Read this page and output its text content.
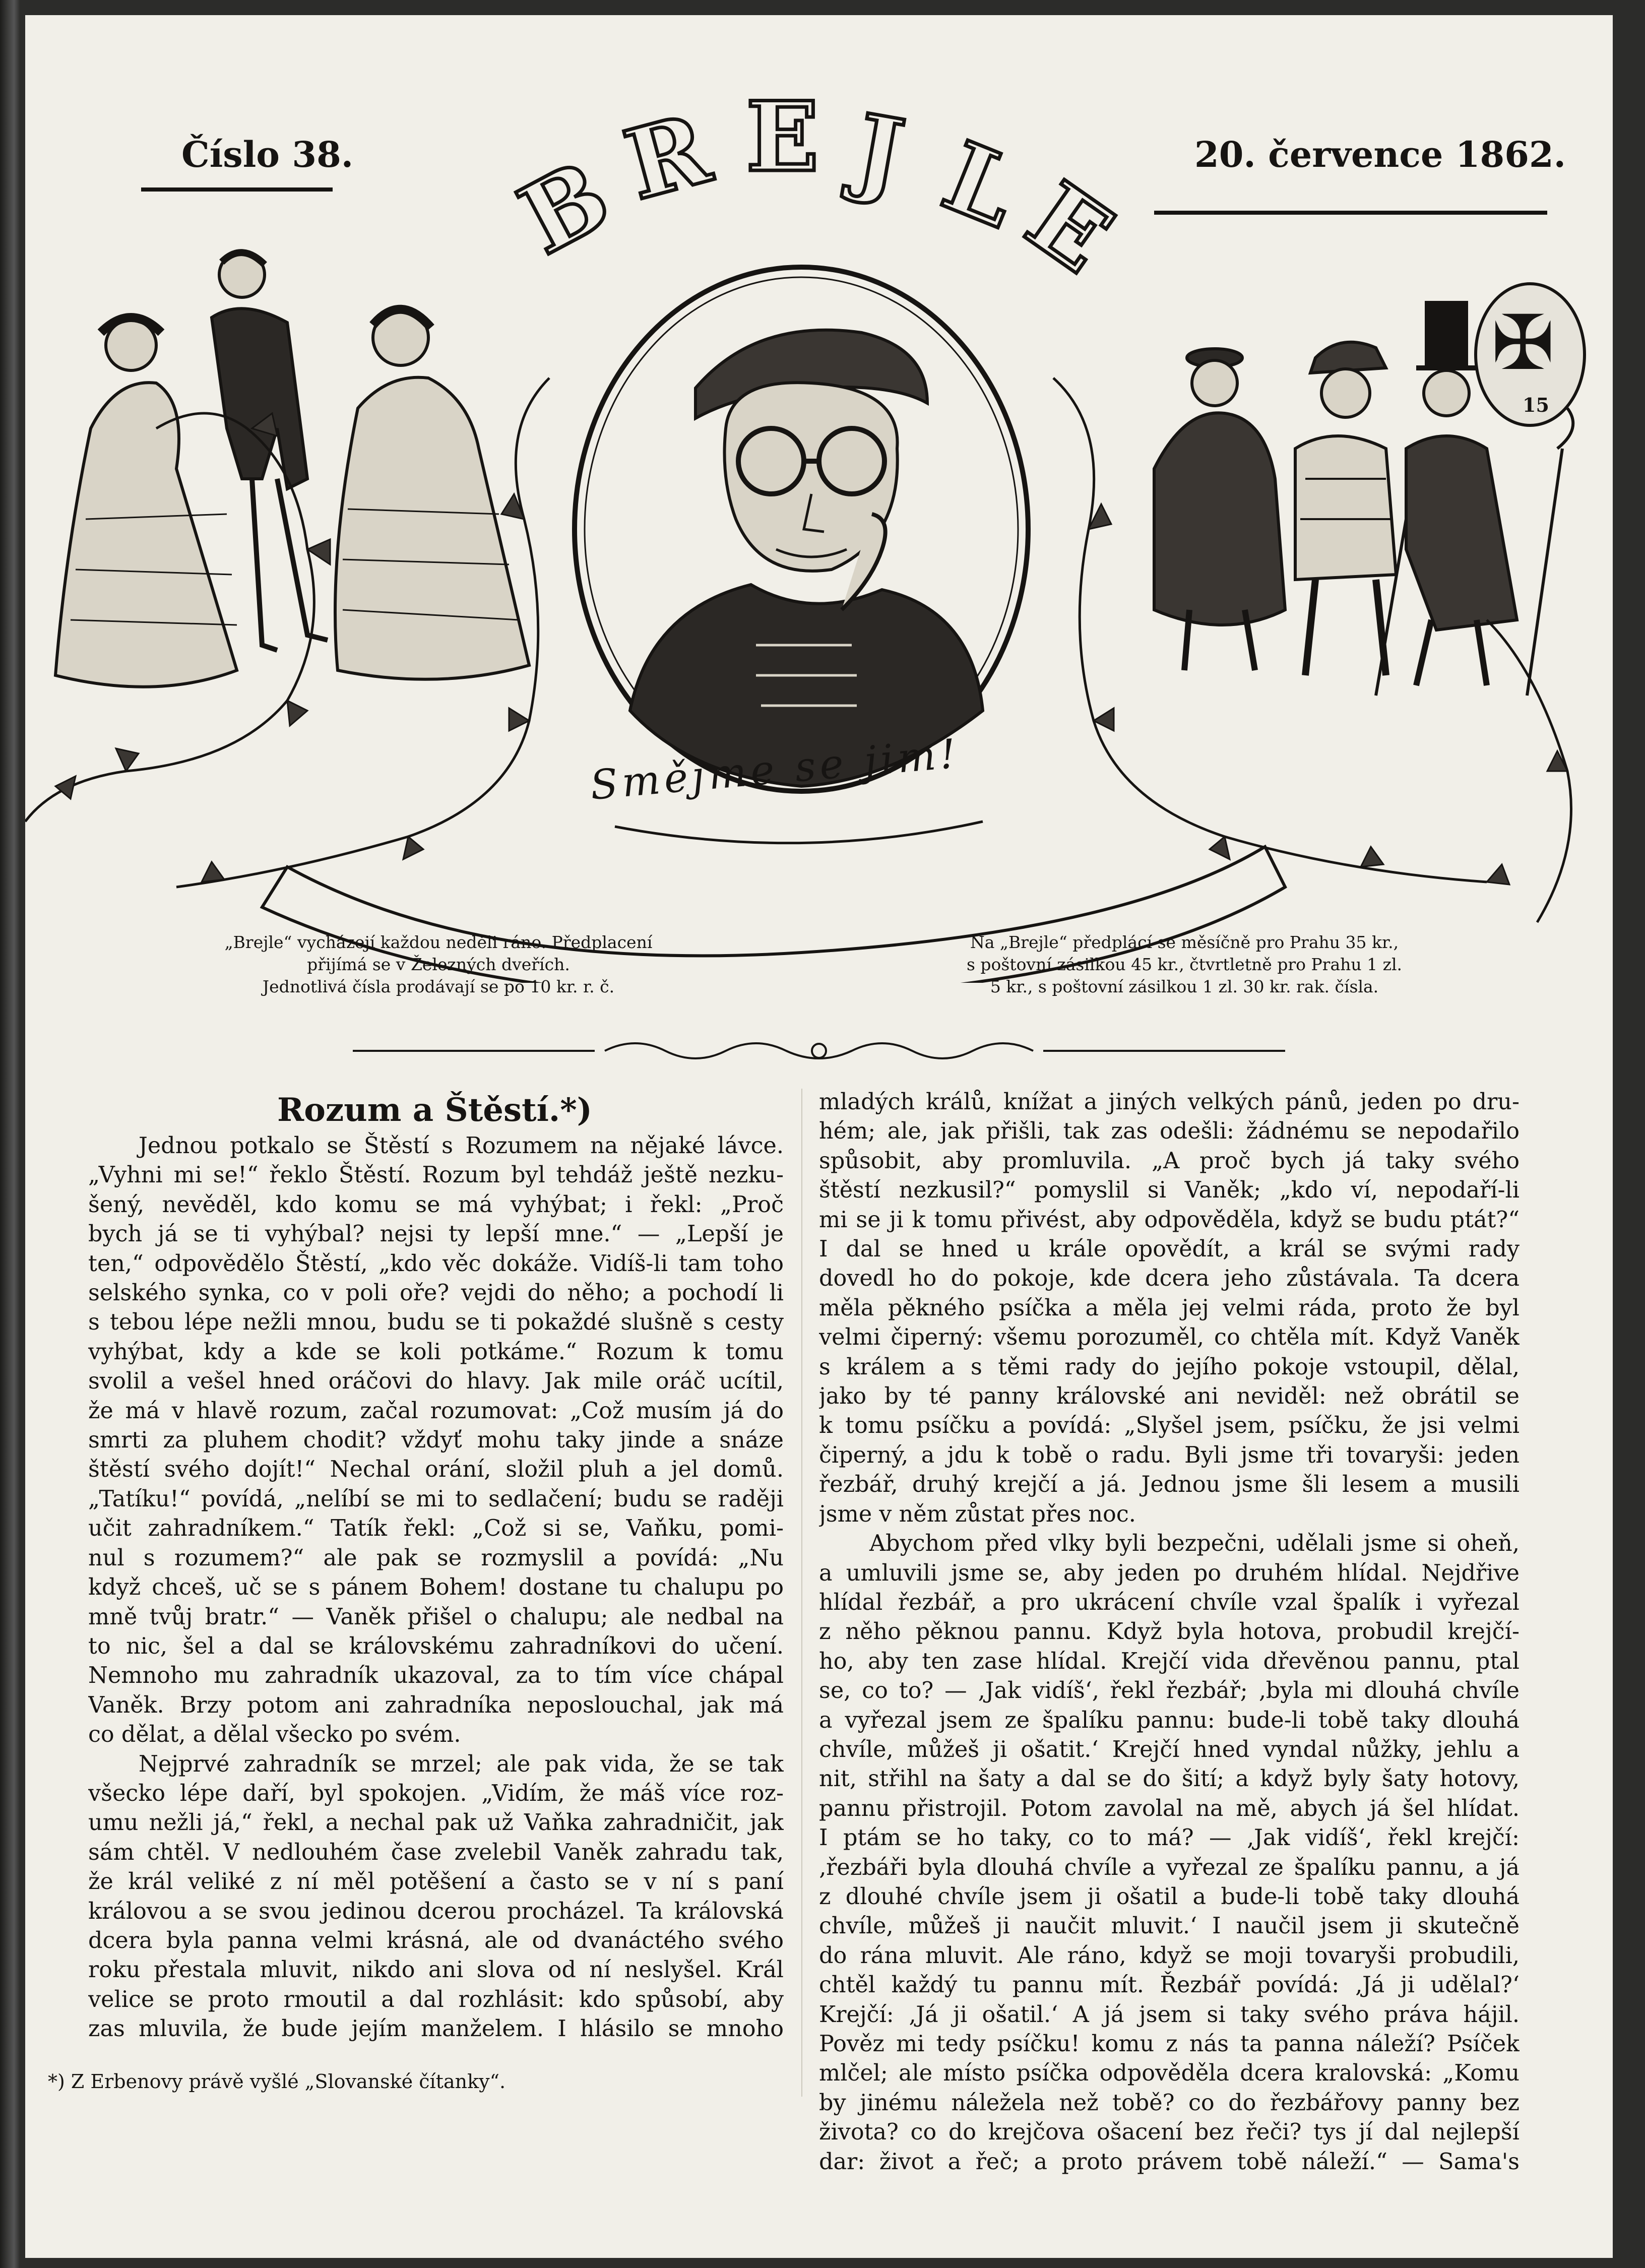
Číslo 38.	20. července 1862.
B
R E J L
E
Smějme se jim!
✠
15
„Brejle“ vycházejí každou neděli ráno. Předplacení
přijímá se v Železných dveřích.
Jednotlivá čísla prodávají se po 10 kr. r. č.
Na „Brejle“ předplácí se měsíčně pro Prahu 35 kr.,
s poštovní zásilkou 45 kr., čtvrtletně pro Prahu 1 zl.
5 kr., s poštovní zásilkou 1 zl. 30 kr. rak. čísla.
Rozum a Štěstí.*)
Jednou potkalo se Štěstí s Rozumem na nějaké lávce.
„Vyhni mi se!“ řeklo Štěstí. Rozum byl tehdáž ještě nezku-
šený, nevěděl, kdo komu se má vyhýbat; i řekl: „Proč
bych já se ti vyhýbal? nejsi ty lepší mne.“ — „Lepší je
ten,“ odpovědělo Štěstí, „kdo věc dokáže. Vidíš-li tam toho
selského synka, co v poli oře? vejdi do něho; a pochodí li
s tebou lépe nežli mnou, budu se ti pokaždé slušně s cesty
vyhýbat, kdy a kde se koli potkáme.“ Rozum k tomu
svolil a vešel hned oráčovi do hlavy. Jak mile oráč ucítil,
že má v hlavě rozum, začal rozumovat: „Což musím já do
smrti za pluhem chodit? vždyť mohu taky jinde a snáze
štěstí svého dojít!“ Nechal orání, složil pluh a jel domů.
„Tatíku!“ povídá, „nelíbí se mi to sedlačení; budu se raději
učit zahradníkem.“ Tatík řekl: „Což si se, Vaňku, pomi-
nul s rozumem?“ ale pak se rozmyslil a povídá: „Nu
když chceš, uč se s pánem Bohem! dostane tu chalupu po
mně tvůj bratr.“ — Vaněk přišel o chalupu; ale nedbal na
to nic, šel a dal se královskému zahradníkovi do učení.
Nemnoho mu zahradník ukazoval, za to tím více chápal
Vaněk. Brzy potom ani zahradníka neposlouchal, jak má
co dělat, a dělal všecko po svém.
Nejprvé zahradník se mrzel; ale pak vida, že se tak
všecko lépe daří, byl spokojen. „Vidím, že máš více roz-
umu nežli já,“ řekl, a nechal pak už Vaňka zahradničit, jak
sám chtěl. V nedlouhém čase zvelebil Vaněk zahradu tak,
že král veliké z ní měl potěšení a často se v ní s paní
královou a se svou jedinou dcerou procházel. Ta královská
dcera byla panna velmi krásná, ale od dvanáctého svého
roku přestala mluvit, nikdo ani slova od ní neslyšel. Král
velice se proto rmoutil a dal rozhlásit: kdo spůsobí, aby
zas mluvila, že bude jejím manželem. I hlásilo se mnoho
mladých králů, knížat a jiných velkých pánů, jeden po dru-
hém; ale, jak přišli, tak zas odešli: žádnému se nepodařilo
spůsobit, aby promluvila. „A proč bych já taky svého
štěstí nezkusil?“ pomyslil si Vaněk; „kdo ví, nepodaří-li
mi se ji k tomu přivést, aby odpověděla, když se budu ptát?“
I dal se hned u krále opovědít, a král se svými rady
dovedl ho do pokoje, kde dcera jeho zůstávala. Ta dcera
měla pěkného psíčka a měla jej velmi ráda, proto že byl
velmi čiperný: všemu porozuměl, co chtěla mít. Když Vaněk
s králem a s těmi rady do jejího pokoje vstoupil, dělal,
jako by té panny královské ani neviděl: než obrátil se
k tomu psíčku a povídá: „Slyšel jsem, psíčku, že jsi velmi
čiperný, a jdu k tobě o radu. Byli jsme tři tovaryši: jeden
řezbář, druhý krejčí a já. Jednou jsme šli lesem a musili
jsme v něm zůstat přes noc.
Abychom před vlky byli bezpečni, udělali jsme si oheň,
a umluvili jsme se, aby jeden po druhém hlídal. Nejdřive
hlídal řezbář, a pro ukrácení chvíle vzal špalík i vyřezal
z něho pěknou pannu. Když byla hotova, probudil krejčí-
ho, aby ten zase hlídal. Krejčí vida dřevěnou pannu, ptal
se, co to? — ‚Jak vidíš‘, řekl řezbář; ‚byla mi dlouhá chvíle
a vyřezal jsem ze špalíku pannu: bude-li tobě taky dlouhá
chvíle, můžeš ji ošatit.‘ Krejčí hned vyndal nůžky, jehlu a
nit, střihl na šaty a dal se do šití; a když byly šaty hotovy,
pannu přistrojil. Potom zavolal na mě, abych já šel hlídat.
I ptám se ho taky, co to má? — ‚Jak vidíš‘, řekl krejčí:
‚řezbáři byla dlouhá chvíle a vyřezal ze špalíku pannu, a já
z dlouhé chvíle jsem ji ošatil a bude-li tobě taky dlouhá
chvíle, můžeš ji naučit mluvit.‘ I naučil jsem ji skutečně
do rána mluvit. Ale ráno, když se moji tovaryši probudili,
chtěl každý tu pannu mít. Řezbář povídá: ‚Já ji udělal?‘
Krejčí: ‚Já ji ošatil.‘ A já jsem si taky svého práva hájil.
Pověz mi tedy psíčku! komu z nás ta panna náleží? Psíček
mlčel; ale místo psíčka odpověděla dcera kralovská: „Komu
by jinému náležela než tobě? co do řezbářovy panny bez
života? co do krejčova ošacení bez řeči? tys jí dal nejlepší
dar: život a řeč; a proto právem tobě náleží.“ — Sama's
*) Z Erbenovy právě vyšlé „Slovanské čítanky“.
